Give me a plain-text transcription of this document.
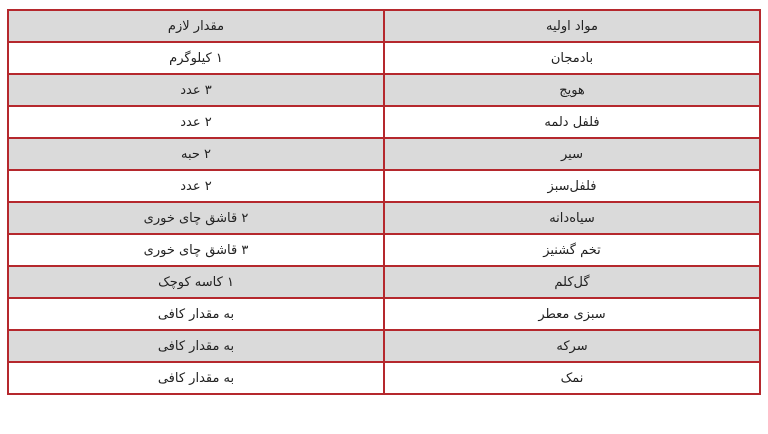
مواد اولیه	مقدار لازم
بادمجان	۱ کیلوگرم
هویج	۳ عدد
فلفل دلمه	۲ عدد
سیر	۲ حبه
فلفل‌سبز	۲ عدد
سیاه‌دانه	۲ قاشق چای خوری
تخم گشنیز	۳ قاشق چای خوری
گل‌کلم	۱ کاسه کوچک
سبزی معطر	به مقدار کافی
سرکه	به مقدار کافی
نمک	به مقدار کافی
